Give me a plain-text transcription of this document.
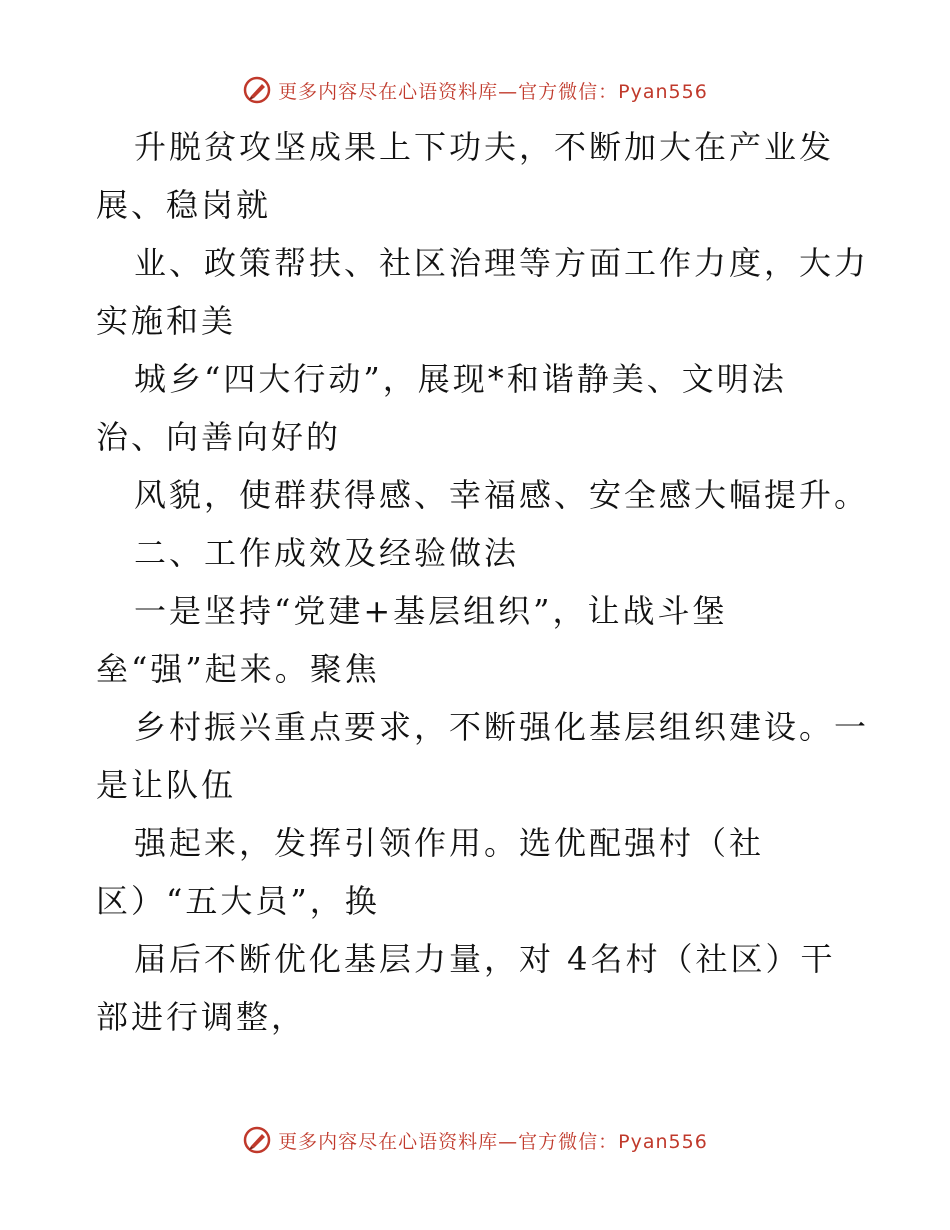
更多内容尽在心语资料库—官方微信：Pyan556
升脱贫攻坚成果上下功夫，不断加大在产业发
展、稳岗就
业、政策帮扶、社区治理等方面工作力度，大力
实施和美
城乡“四大行动”，展现*和谐静美、文明法
治、向善向好的
风貌，使群获得感、幸福感、安全感大幅提升。
二、工作成效及经验做法
一是坚持“党建+基层组织”，让战斗堡
垒“强”起来。聚焦
乡村振兴重点要求，不断强化基层组织建设。一
是让队伍
强起来，发挥引领作用。选优配强村（社
区）“五大员”，换
届后不断优化基层力量，对 4名村（社区）干
部进行调整，
更多内容尽在心语资料库—官方微信：Pyan556
